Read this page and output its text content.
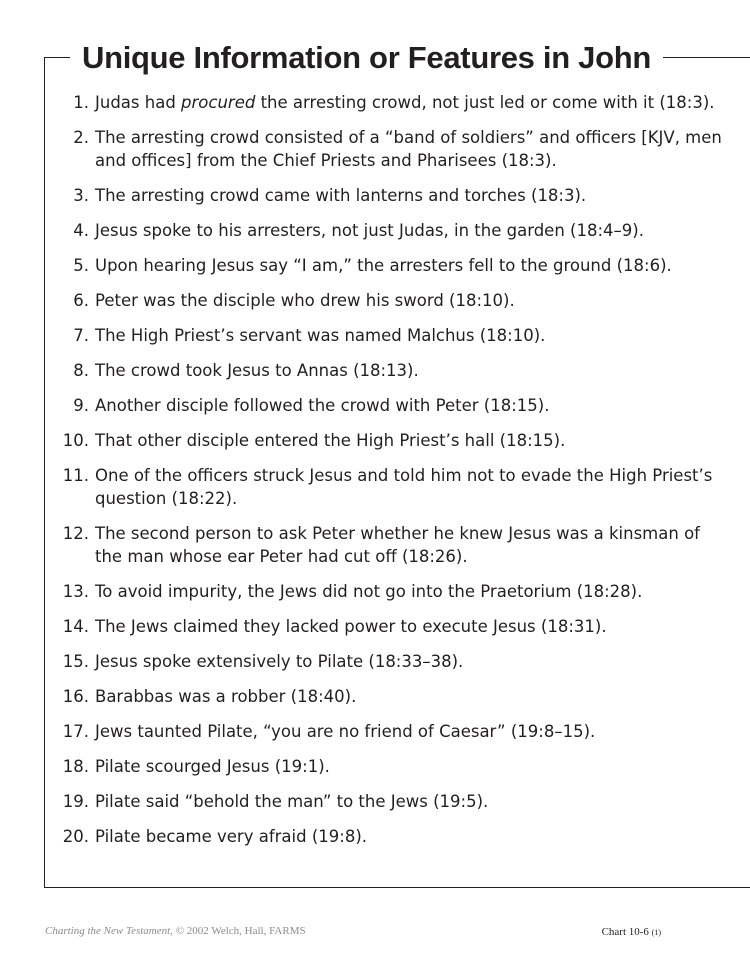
Unique Information or Features in John
1. Judas had procured the arresting crowd, not just led or come with it (18:3).
2. The arresting crowd consisted of a “band of soldiers” and officers [KJV, men and offices] from the Chief Priests and Pharisees (18:3).
3. The arresting crowd came with lanterns and torches (18:3).
4. Jesus spoke to his arresters, not just Judas, in the garden (18:4–9).
5. Upon hearing Jesus say “I am,” the arresters fell to the ground (18:6).
6. Peter was the disciple who drew his sword (18:10).
7. The High Priest’s servant was named Malchus (18:10).
8. The crowd took Jesus to Annas (18:13).
9. Another disciple followed the crowd with Peter (18:15).
10. That other disciple entered the High Priest’s hall (18:15).
11. One of the officers struck Jesus and told him not to evade the High Priest’s question (18:22).
12. The second person to ask Peter whether he knew Jesus was a kinsman of the man whose ear Peter had cut off (18:26).
13. To avoid impurity, the Jews did not go into the Praetorium (18:28).
14. The Jews claimed they lacked power to execute Jesus (18:31).
15. Jesus spoke extensively to Pilate (18:33–38).
16. Barabbas was a robber (18:40).
17. Jews taunted Pilate, “you are no friend of Caesar” (19:8–15).
18. Pilate scourged Jesus (19:1).
19. Pilate said “behold the man” to the Jews (19:5).
20. Pilate became very afraid (19:8).
Charting the New Testament, © 2002 Welch, Hall, FARMS	Chart 10-6 (1)
